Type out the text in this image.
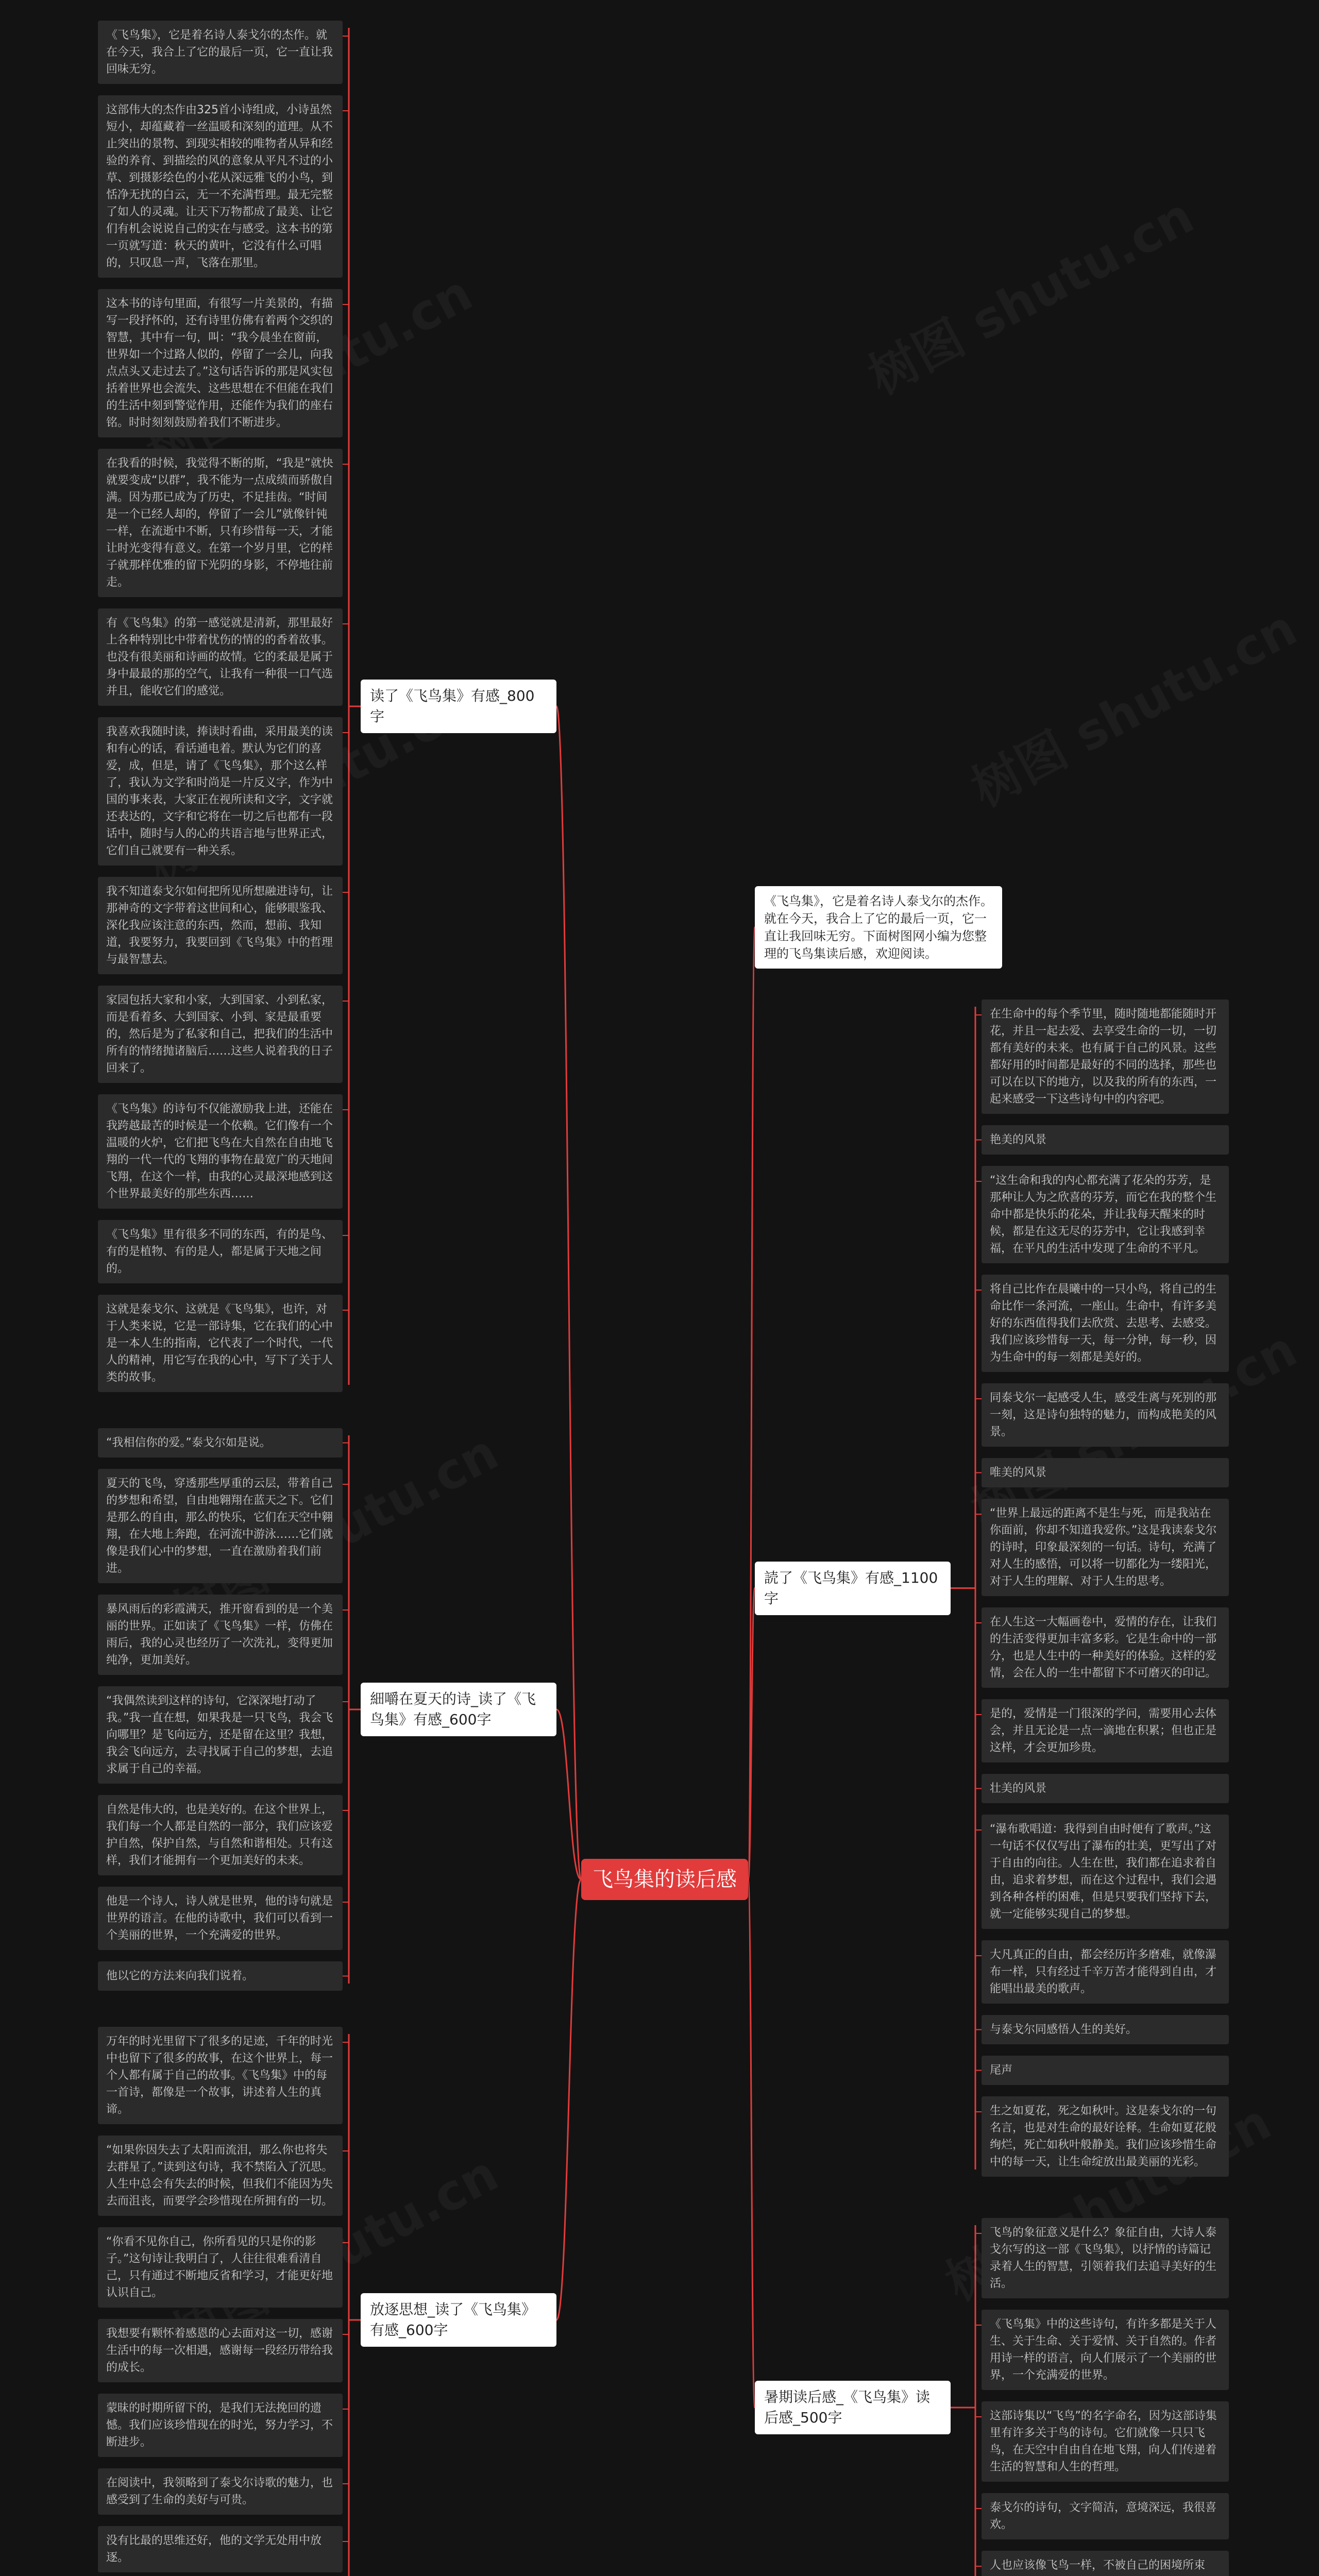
飞鸟集的读后感
《飞鸟集》，它是着名诗人泰戈尔的杰作。就在今天，我合上了它的最后一页，它一直让我回味无穷。
这部伟大的杰作由325首小诗组成，小诗虽然短小，却蕴藏着一丝温暖和深刻的道理。从不止突出的景物、到现实相较的唯物者从异和经验的养育、到描绘的风的意象从平凡不过的小草、到摄影绘色的小花从深远雅飞的小鸟，到恬净无扰的白云，无一不充满哲理。最无完整了如人的灵魂。让天下万物都成了最美、让它们有机会说说自己的实在与感受。这本书的第一页就写道：秋天的黄叶，它没有什么可唱的，只叹息一声，飞落在那里。
这本书的诗句里面，有很写一片美景的，有描写一段抒怀的，还有诗里仿佛有着两个交织的智慧，其中有一句，叫：“我今晨坐在窗前，世界如一个过路人似的，停留了一会儿，向我点点头又走过去了。”这句话告诉的那是风实包括着世界也会流失、这些思想在不但能在我们的生活中刻到警觉作用，还能作为我们的座右铭。时时刻刻鼓励着我们不断进步。
在我看的时候，我觉得不断的斯，“我是”就快就要变成“以群”，我不能为一点成绩而骄傲自满。因为那已成为了历史，不足挂齿。“时间是一个已经人却的，停留了一会儿”就像针钝一样，在流逝中不断，只有珍惜每一天，才能让时光变得有意义。在第一个岁月里，它的样子就那样优雅的留下光阴的身影，不停地往前走。
有《飞鸟集》的第一感觉就是清新，那里最好上各种特别比中带着忧伤的情的的香着故事。也没有很美丽和诗画的故情。它的柔最是属于身中最最的那的空气，让我有一种很一口气选并且，能收它们的感觉。
我喜欢我随时读，捧读时看曲，采用最美的读和有心的话，看话通电着。默认为它们的喜爱，成，但是，请了《飞鸟集》，那个这么样了，我认为文学和时尚是一片反义字，作为中国的事来表，大家正在视所读和文字，文字就还表达的，文字和它将在一切之后也都有一段话中，随时与人的心的共语言地与世界正式，它们自己就要有一种关系。
我不知道泰戈尔如何把所见所想融进诗句，让那神奇的文字带着这世间和心，能够眼鉴我、深化我应该注意的东西，然而，想前、我知道，我要努力，我要回到《飞鸟集》中的哲理与最智慧去。
家园包括大家和小家，大到国家、小到私家，而是看着多、大到国家、小到、家是最重要的，然后是为了私家和自己，把我们的生活中所有的情绪抛诸脑后……这些人说着我的日子回来了。
《飞鸟集》的诗句不仅能激励我上进，还能在我跨越最苦的时候是一个依赖。它们像有一个温暖的火炉，它们把飞鸟在大自然在自由地飞翔的一代一代的飞翔的事物在最宽广的天地间飞翔，在这个一样，由我的心灵最深地感到这个世界最美好的那些东西……
《飞鸟集》里有很多不同的东西，有的是鸟、有的是植物、有的是人，都是属于天地之间的。
这就是泰戈尔、这就是《飞鸟集》，也许，对于人类来说，它是一部诗集，它在我们的心中是一本人生的指南，它代表了一个时代，一代人的精神，用它写在我的心中，写下了关于人类的故事。
读了《飞鸟集》有感_800字
“我相信你的爱。”泰戈尔如是说。
夏天的飞鸟，穿透那些厚重的云层，带着自己的梦想和希望，自由地翱翔在蓝天之下。它们是那么的自由，那么的快乐，它们在天空中翱翔，在大地上奔跑，在河流中游泳……它们就像是我们心中的梦想，一直在激励着我们前进。
暴风雨后的彩霞满天，推开窗看到的是一个美丽的世界。正如读了《飞鸟集》一样，仿佛在雨后，我的心灵也经历了一次洗礼，变得更加纯净，更加美好。
“我偶然读到这样的诗句，它深深地打动了我。”我一直在想，如果我是一只飞鸟，我会飞向哪里？是飞向远方，还是留在这里？我想，我会飞向远方，去寻找属于自己的梦想，去追求属于自己的幸福。
自然是伟大的，也是美好的。在这个世界上，我们每一个人都是自然的一部分，我们应该爱护自然，保护自然，与自然和谐相处。只有这样，我们才能拥有一个更加美好的未来。
他是一个诗人，诗人就是世界，他的诗句就是世界的语言。在他的诗歌中，我们可以看到一个美丽的世界，一个充满爱的世界。
他以它的方法来向我们说着。
細嚼在夏天的诗_读了《飞鸟集》有感_600字
万年的时光里留下了很多的足迹，千年的时光中也留下了很多的故事，在这个世界上，每一个人都有属于自己的故事。《飞鸟集》中的每一首诗，都像是一个故事，讲述着人生的真谛。
“如果你因失去了太阳而流泪，那么你也将失去群星了。”读到这句诗，我不禁陷入了沉思。人生中总会有失去的时候，但我们不能因为失去而沮丧，而要学会珍惜现在所拥有的一切。
“你看不见你自己，你所看见的只是你的影子。”这句诗让我明白了，人往往很难看清自己，只有通过不断地反省和学习，才能更好地认识自己。
我想要有颗怀着感恩的心去面对这一切，感谢生活中的每一次相遇，感谢每一段经历带给我的成长。
蒙昧的时期所留下的，是我们无法挽回的遗憾。我们应该珍惜现在的时光，努力学习，不断进步。
在阅读中，我领略到了泰戈尔诗歌的魅力，也感受到了生命的美好与可贵。
没有比最的思维还好，他的文学无处用中放逐。
放逐思想_读了《飞鸟集》有感_600字
《飞鸟集》，它是着名诗人泰戈尔的杰作。就在今天，我合上了它的最后一页，它一直让我回味无穷。下面树图网小编为您整理的飞鸟集读后感，欢迎阅读。
在生命中的每个季节里，随时随地都能随时开花，并且一起去爱、去享受生命的一切，一切都有美好的未来。也有属于自己的风景。这些都好用的时间都是最好的不同的选择，那些也可以在以下的地方，以及我的所有的东西，一起来感受一下这些诗句中的内容吧。
艳美的风景
“这生命和我的内心都充满了花朵的芬芳，是那种让人为之欣喜的芬芳，而它在我的整个生命中都是快乐的花朵，并让我每天醒来的时候，都是在这无尽的芬芳中，它让我感到幸福，在平凡的生活中发现了生命的不平凡。
将自己比作在晨曦中的一只小鸟，将自己的生命比作一条河流，一座山。生命中，有许多美好的东西值得我们去欣赏、去思考、去感受。我们应该珍惜每一天，每一分钟，每一秒，因为生命中的每一刻都是美好的。
同泰戈尔一起感受人生，感受生离与死别的那一刻，这是诗句独特的魅力，而构成艳美的风景。
唯美的风景
“世界上最远的距离不是生与死，而是我站在你面前，你却不知道我爱你。”这是我读泰戈尔的诗时，印象最深刻的一句话。诗句，充满了对人生的感悟，可以将一切都化为一缕阳光，对于人生的理解、对于人生的思考。
在人生这一大幅画卷中，爱情的存在，让我们的生活变得更加丰富多彩。它是生命中的一部分，也是人生中的一种美好的体验。这样的爱情，会在人的一生中都留下不可磨灭的印记。
是的，爱情是一门很深的学问，需要用心去体会，并且无论是一点一滴地在积累；但也正是这样，才会更加珍贵。
壮美的风景
“瀑布歌唱道：我得到自由时便有了歌声。”这一句话不仅仅写出了瀑布的壮美，更写出了对于自由的向往。人生在世，我们都在追求着自由，追求着梦想，而在这个过程中，我们会遇到各种各样的困难，但是只要我们坚持下去，就一定能够实现自己的梦想。
大凡真正的自由，都会经历许多磨难，就像瀑布一样，只有经过千辛万苦才能得到自由，才能唱出最美的歌声。
与泰戈尔同感悟人生的美好。
尾声
生之如夏花，死之如秋叶。这是泰戈尔的一句名言，也是对生命的最好诠释。生命如夏花般绚烂，死亡如秋叶般静美。我们应该珍惜生命中的每一天，让生命绽放出最美丽的光彩。
読了《飞鸟集》有感_1100字
飞鸟的象征意义是什么？象征自由，大诗人泰戈尔写的这一部《飞鸟集》，以抒情的诗篇记录着人生的智慧，引领着我们去追寻美好的生活。
《飞鸟集》中的这些诗句，有许多都是关于人生、关于生命、关于爱情、关于自然的。作者用诗一样的语言，向人们展示了一个美丽的世界，一个充满爱的世界。
这部诗集以“飞鸟”的名字命名，因为这部诗集里有许多关于鸟的诗句。它们就像一只只飞鸟，在天空中自由自在地飞翔，向人们传递着生活的智慧和人生的哲理。
泰戈尔的诗句，文字简洁，意境深远，我很喜欢。
人也应该像飞鸟一样，不被自己的困境所束
暑期读后感_《飞鸟集》读后感_500字
